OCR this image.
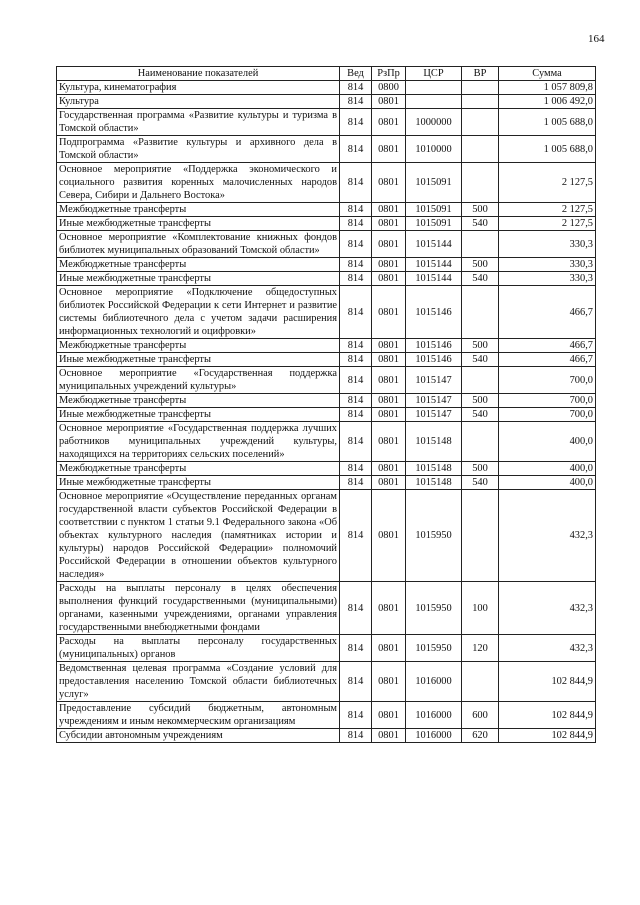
164
Наименование показателей	Вед	РзПр	ЦСР	ВР	Сумма
Культура, кинематография	814	0800			1 057 809,8
Культура	814	0801			1 006 492,0
Государственная программа «Развитие культуры и туризма в Томской области»	814	0801	1000000		1 005 688,0
Подпрограмма «Развитие культуры и архивного дела в Томской области»	814	0801	1010000		1 005 688,0
Основное мероприятие «Поддержка экономического и социального развития коренных малочисленных народов Севера, Сибири и Дальнего Востока»	814	0801	1015091		2 127,5
Межбюджетные трансферты	814	0801	1015091	500	2 127,5
Иные межбюджетные трансферты	814	0801	1015091	540	2 127,5
Основное мероприятие «Комплектование книжных фондов библиотек муниципальных образований Томской области»	814	0801	1015144		330,3
Межбюджетные трансферты	814	0801	1015144	500	330,3
Иные межбюджетные трансферты	814	0801	1015144	540	330,3
Основное мероприятие «Подключение общедоступных библиотек Российской Федерации к сети Интернет и развитие системы библиотечного дела с учетом задачи расширения информационных технологий и оцифровки»	814	0801	1015146		466,7
Межбюджетные трансферты	814	0801	1015146	500	466,7
Иные межбюджетные трансферты	814	0801	1015146	540	466,7
Основное мероприятие «Государственная поддержка муниципальных учреждений культуры»	814	0801	1015147		700,0
Межбюджетные трансферты	814	0801	1015147	500	700,0
Иные межбюджетные трансферты	814	0801	1015147	540	700,0
Основное мероприятие «Государственная поддержка лучших работников муниципальных учреждений культуры, находящихся на территориях сельских поселений»	814	0801	1015148		400,0
Межбюджетные трансферты	814	0801	1015148	500	400,0
Иные межбюджетные трансферты	814	0801	1015148	540	400,0
Основное мероприятие «Осуществление переданных органам государственной власти субъектов Российской Федерации в соответствии с пунктом 1 статьи 9.1 Федерального закона «Об объектах культурного наследия (памятниках истории и культуры) народов Российской Федерации» полномочий Российской Федерации в отношении объектов культурного наследия»	814	0801	1015950		432,3
Расходы на выплаты персоналу в целях обеспечения выполнения функций государственными (муниципальными) органами, казенными учреждениями, органами управления государственными внебюджетными фондами	814	0801	1015950	100	432,3
Расходы на выплаты персоналу государственных (муниципальных) органов	814	0801	1015950	120	432,3
Ведомственная целевая программа «Создание условий для предоставления населению Томской области библиотечных услуг»	814	0801	1016000		102 844,9
Предоставление субсидий бюджетным, автономным учреждениям и иным некоммерческим организациям	814	0801	1016000	600	102 844,9
Субсидии автономным учреждениям	814	0801	1016000	620	102 844,9
